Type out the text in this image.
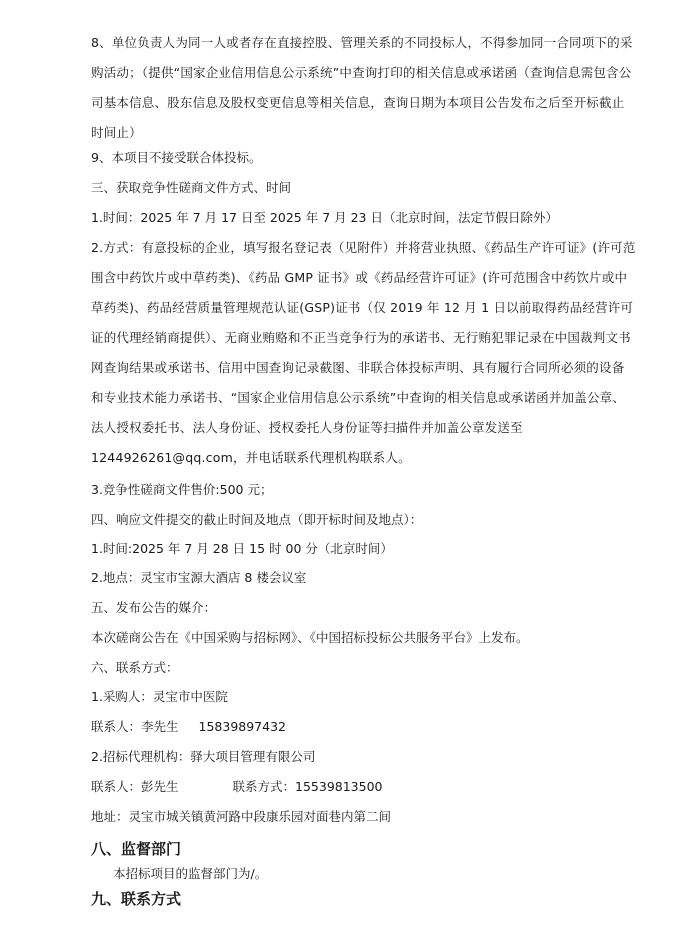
8、单位负责人为同一人或者存在直接控股、管理关系的不同投标人，不得参加同一合同项下的采购活动；（提供“国家企业信用信息公示系统”中查询打印的相关信息或承诺函（查询信息需包含公司基本信息、股东信息及股权变更信息等相关信息，查询日期为本项目公告发布之后至开标截止时间止）

9、本项目不接受联合体投标。

三、获取竞争性磋商文件方式、时间

1.时间：2025 年 7 月 17 日至 2025 年 7 月 23 日（北京时间，法定节假日除外）

2.方式：有意投标的企业，填写报名登记表（见附件）并将营业执照、《药品生产许可证》(许可范围含中药饮片或中草药类)、《药品 GMP 证书》或《药品经营许可证》(许可范围含中药饮片或中草药类)、药品经营质量管理规范认证(GSP)证书（仅 2019 年 12 月 1 日以前取得药品经营许可证的代理经销商提供）、无商业贿赂和不正当竞争行为的承诺书、无行贿犯罪记录在中国裁判文书网查询结果或承诺书、信用中国查询记录截图、非联合体投标声明、具有履行合同所必须的设备和专业技术能力承诺书、“国家企业信用信息公示系统”中查询的相关信息或承诺函并加盖公章、法人授权委托书、法人身份证、授权委托人身份证等扫描件并加盖公章发送至 1244926261@qq.com，并电话联系代理机构联系人。

3.竞争性磋商文件售价:500 元；

四、响应文件提交的截止时间及地点（即开标时间及地点）：

1.时间:2025 年 7 月 28 日 15 时 00 分（北京时间）

2.地点：灵宝市宝源大酒店 8 楼会议室

五、发布公告的媒介：

本次磋商公告在《中国采购与招标网》、《中国招标投标公共服务平台》上发布。

六、联系方式：

1.采购人：灵宝市中医院

联系人：李先生 15839897432

2.招标代理机构：驿大项目管理有限公司

联系人：彭先生	联系方式：15539813500

地址：灵宝市城关镇黄河路中段康乐园对面巷内第二间

八、监督部门

本招标项目的监督部门为/。

九、联系方式
